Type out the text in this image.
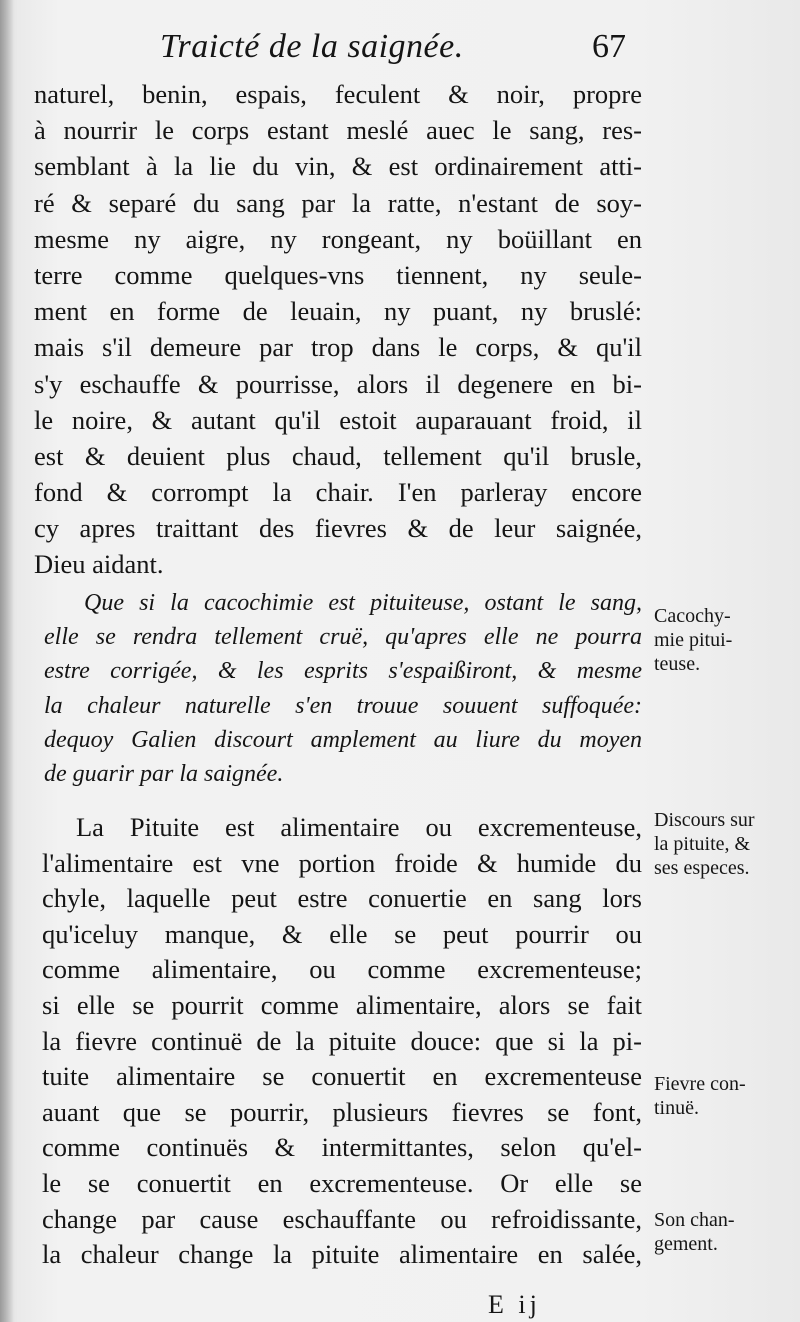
Traicté de la saignée.	67
naturel, benin, espais, feculent & noir, propre
à nourrir le corps estant meslé auec le sang, res-
semblant à la lie du vin, & est ordinairement atti-
ré & separé du sang par la ratte, n'estant de soy-
mesme ny aigre, ny rongeant, ny boüillant en
terre comme quelques-vns tiennent, ny seule-
ment en forme de leuain, ny puant, ny bruslé:
mais s'il demeure par trop dans le corps, & qu'il
s'y eschauffe & pourrisse, alors il degenere en bi-
le noire, & autant qu'il estoit auparauant froid, il
est & deuient plus chaud, tellement qu'il brusle,
fond & corrompt la chair. I'en parleray encore
cy apres traittant des fievres & de leur saignée,
Dieu aidant.
Que si la cacochimie est pituiteuse, ostant le sang,
elle se rendra tellement cruë, qu'apres elle ne pourra
estre corrigée, & les esprits s'espaißiront, & mesme
la chaleur naturelle s'en trouue souuent suffoquée:
dequoy Galien discourt amplement au liure du moyen
de guarir par la saignée.
La Pituite est alimentaire ou excrementeuse,
l'alimentaire est vne portion froide & humide du
chyle, laquelle peut estre conuertie en sang lors
qu'iceluy manque, & elle se peut pourrir ou
comme alimentaire, ou comme excrementeuse;
si elle se pourrit comme alimentaire, alors se fait
la fievre continuë de la pituite douce: que si la pi-
tuite alimentaire se conuertit en excrementeuse
auant que se pourrir, plusieurs fievres se font,
comme continuës & intermittantes, selon qu'el-
le se conuertit en excrementeuse. Or elle se
change par cause eschauffante ou refroidissante,
la chaleur change la pituite alimentaire en salée,
Cacochy-
mie pitui-
teuse.
Discours sur
la pituite, &
ses especes.
Fievre con-
tinuë.
Son chan-
gement.
E ij
